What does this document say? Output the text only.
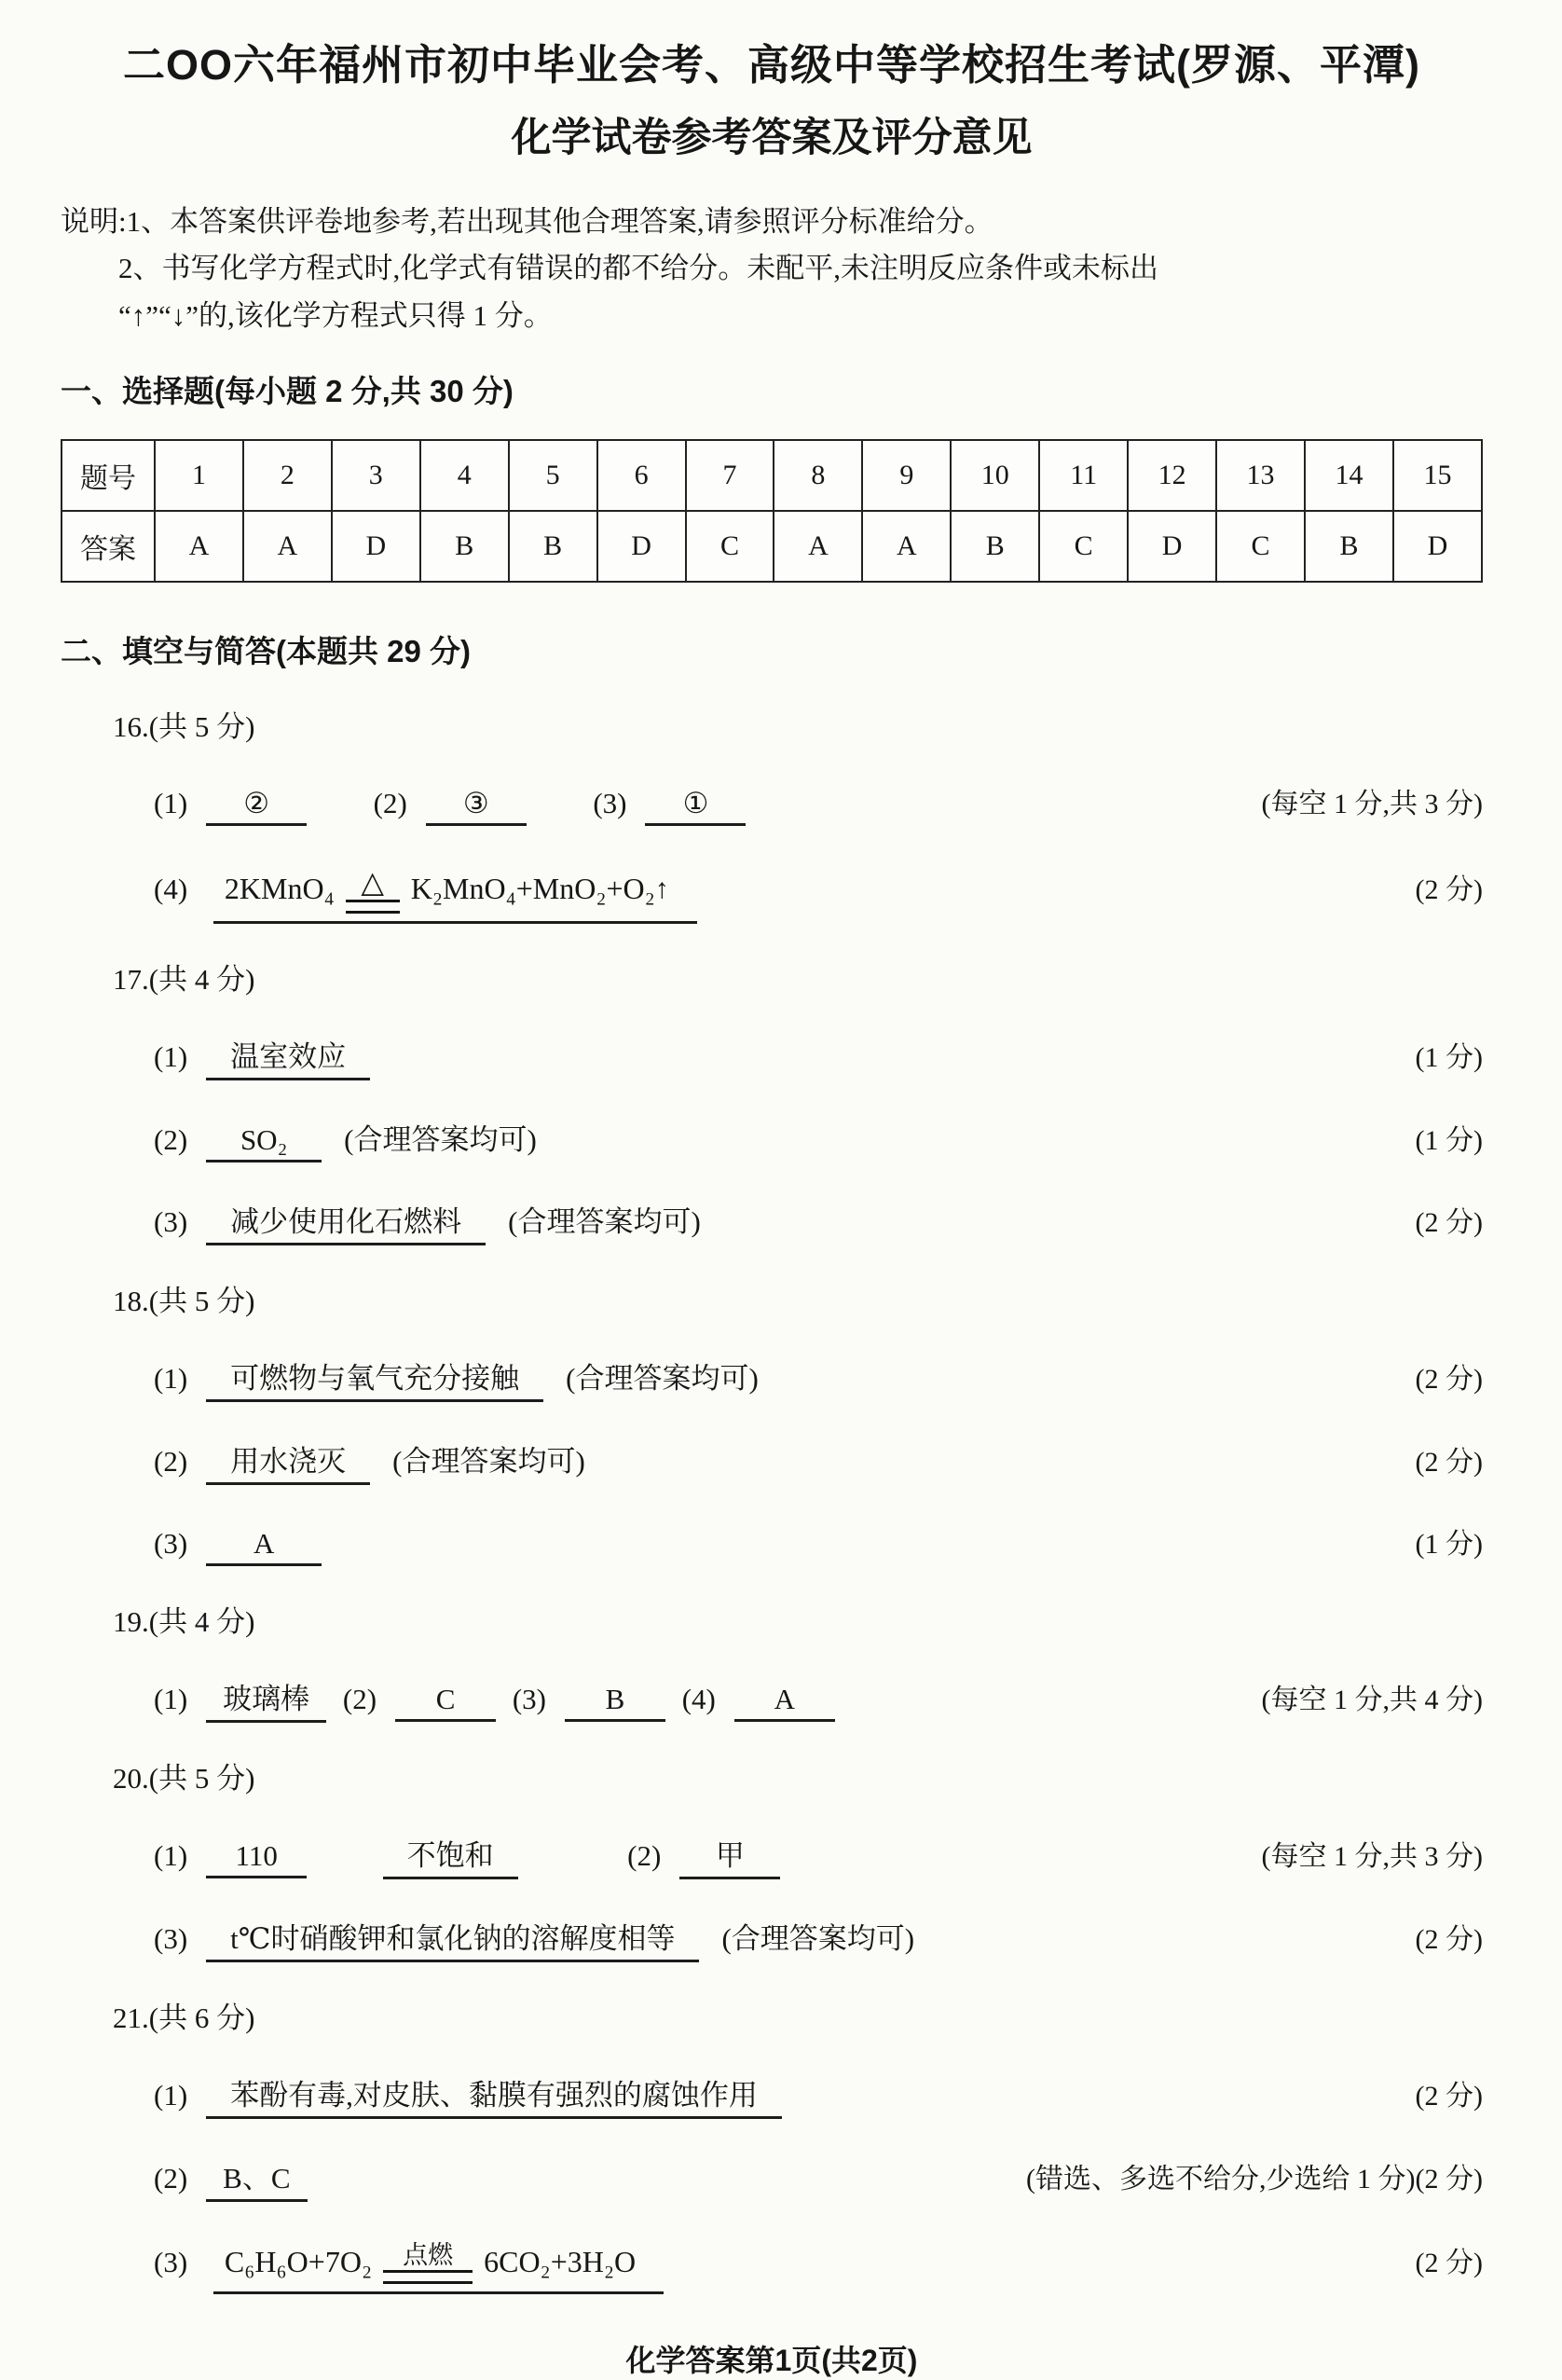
二OO六年福州市初中毕业会考、高级中等学校招生考试(罗源、平潭)
化学试卷参考答案及评分意见
说明:1、本答案供评卷地参考,若出现其他合理答案,请参照评分标准给分。
2、书写化学方程式时,化学式有错误的都不给分。未配平,未注明反应条件或未标出
“↑”“↓”的,该化学方程式只得 1 分。
一、选择题(每小题 2 分,共 30 分)
题号	1	2	3	4	5	6	7	8	9	10	11	12	13	14	15
答案	A	A	D	B	B	D	C	A	A	B	C	D	C	B	D
二、填空与简答(本题共 29 分)
16.(共 5 分)
(1) ②	(2) ③	(3) ①	(每空 1 分,共 3 分)
(4) 2KMnO₄ △ K₂MnO₄+MnO₂+O₂ ↑	(2 分)
17.(共 4 分)
(1) 温室效应	(1 分)
(2) SO₂ (合理答案均可)	(1 分)
(3) 减少使用化石燃料 (合理答案均可)	(2 分)
18.(共 5 分)
(1) 可燃物与氧气充分接触 (合理答案均可)	(2 分)
(2) 用水浇灭 (合理答案均可)	(2 分)
(3) A	(1 分)
19.(共 4 分)
(1) 玻璃棒 (2) C (3) B (4) A	(每空 1 分,共 4 分)
20.(共 5 分)
(1) 110	不饱和	(2) 甲	(每空 1 分,共 3 分)
(3) t℃时硝酸钾和氯化钠的溶解度相等 (合理答案均可)	(2 分)
21.(共 6 分)
(1) 苯酚有毒,对皮肤、黏膜有强烈的腐蚀作用	(2 分)
(2) B、C	(错选、多选不给分,少选给 1 分)(2 分)
(3) C₆H₆O+7O₂ 点燃 6CO₂+3H₂O	(2 分)
化学答案第1页(共2页)
